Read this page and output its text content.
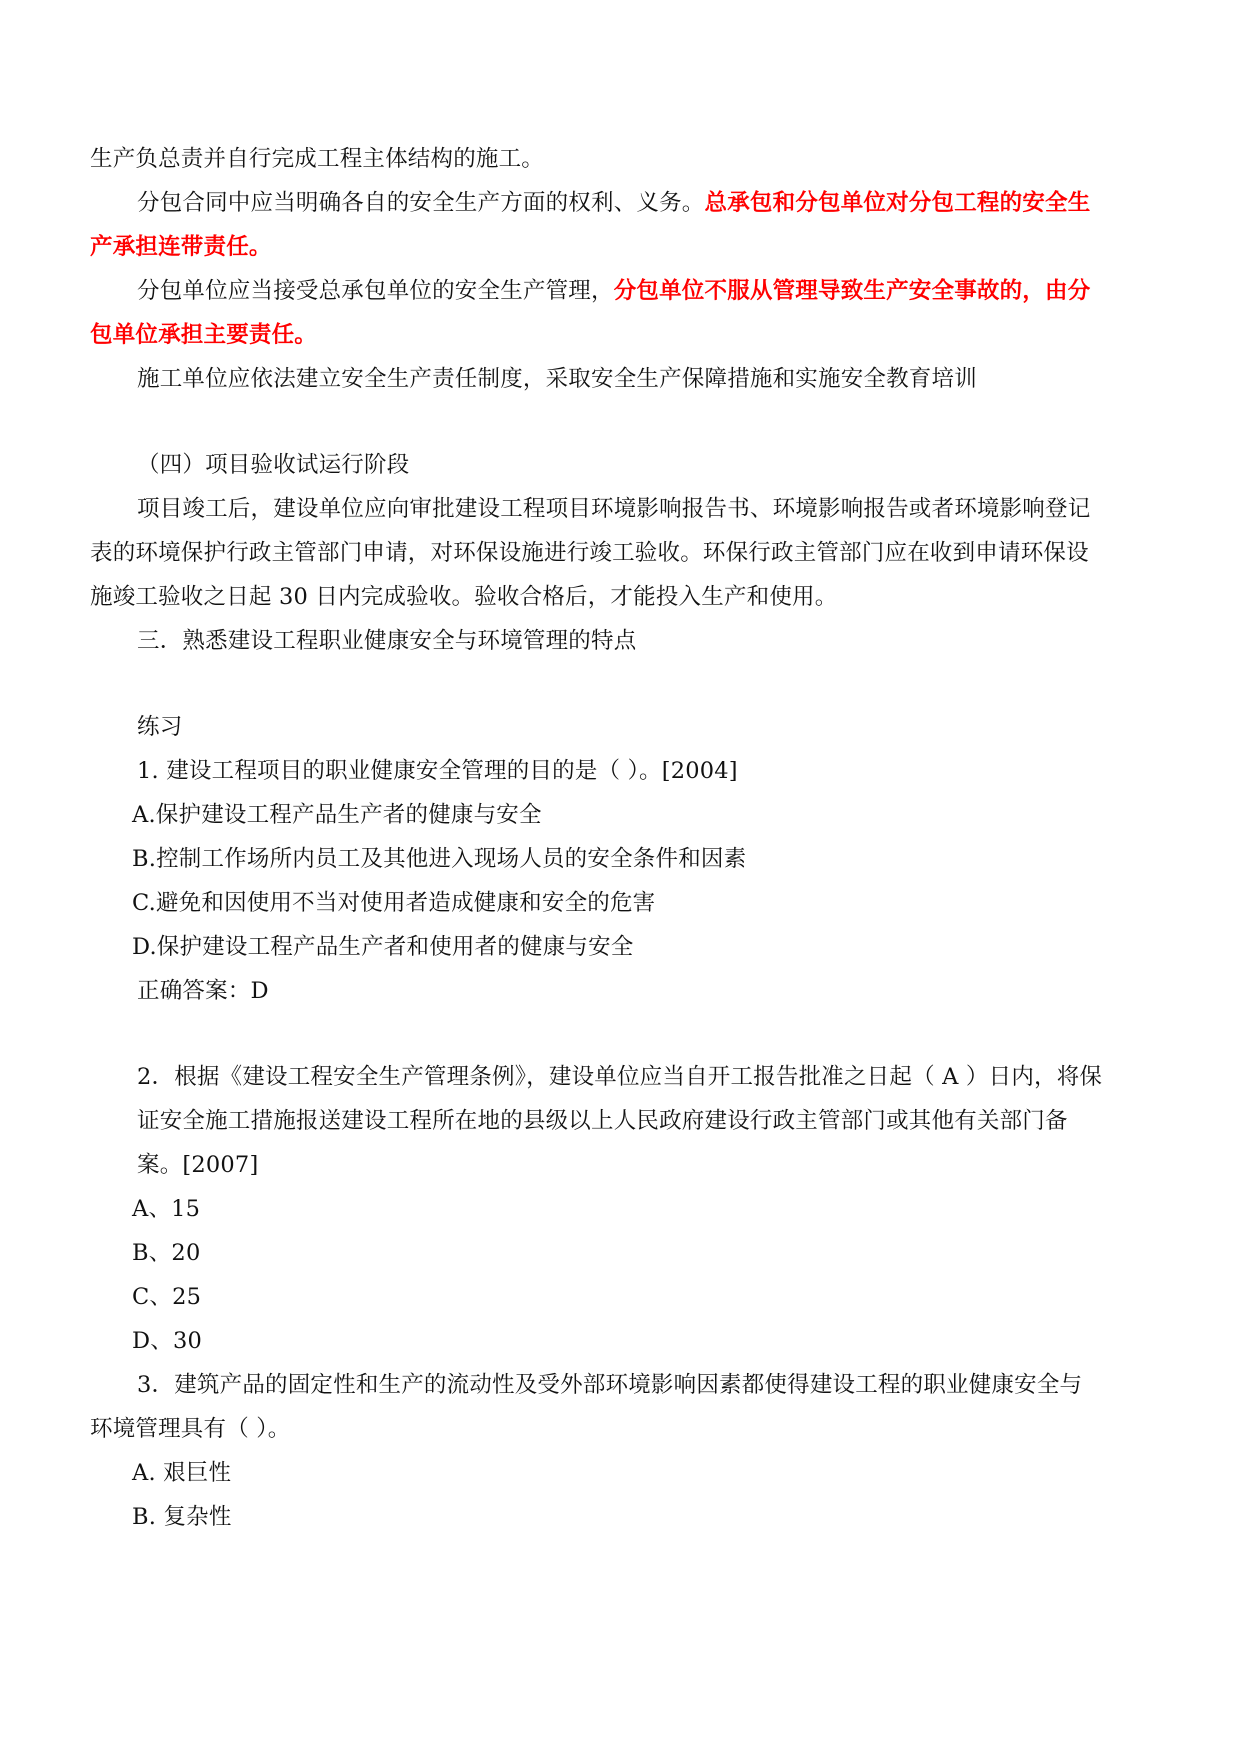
生产负总责并自行完成工程主体结构的施工。
分包合同中应当明确各自的安全生产方面的权利、义务。总承包和分包单位对分包工程的安全生
产承担连带责任。
分包单位应当接受总承包单位的安全生产管理，分包单位不服从管理导致生产安全事故的，由分
包单位承担主要责任。
施工单位应依法建立安全生产责任制度，采取安全生产保障措施和实施安全教育培训
（四）项目验收试运行阶段
项目竣工后，建设单位应向审批建设工程项目环境影响报告书、环境影响报告或者环境影响登记
表的环境保护行政主管部门申请，对环保设施进行竣工验收。环保行政主管部门应在收到申请环保设
施竣工验收之日起 30 日内完成验收。验收合格后，才能投入生产和使用。
三．熟悉建设工程职业健康安全与环境管理的特点
练习
1. 建设工程项目的职业健康安全管理的目的是（ ）。[2004]
A.保护建设工程产品生产者的健康与安全
B.控制工作场所内员工及其他进入现场人员的安全条件和因素
C.避免和因使用不当对使用者造成健康和安全的危害
D.保护建设工程产品生产者和使用者的健康与安全
正确答案：D
2．根据《建设工程安全生产管理条例》，建设单位应当自开工报告批准之日起（ A ）日内，将保
证安全施工措施报送建设工程所在地的县级以上人民政府建设行政主管部门或其他有关部门备
案。[2007]
A、15
B、20
C、25
D、30
3．建筑产品的固定性和生产的流动性及受外部环境影响因素都使得建设工程的职业健康安全与
环境管理具有（ ）。
A. 艰巨性
B. 复杂性
